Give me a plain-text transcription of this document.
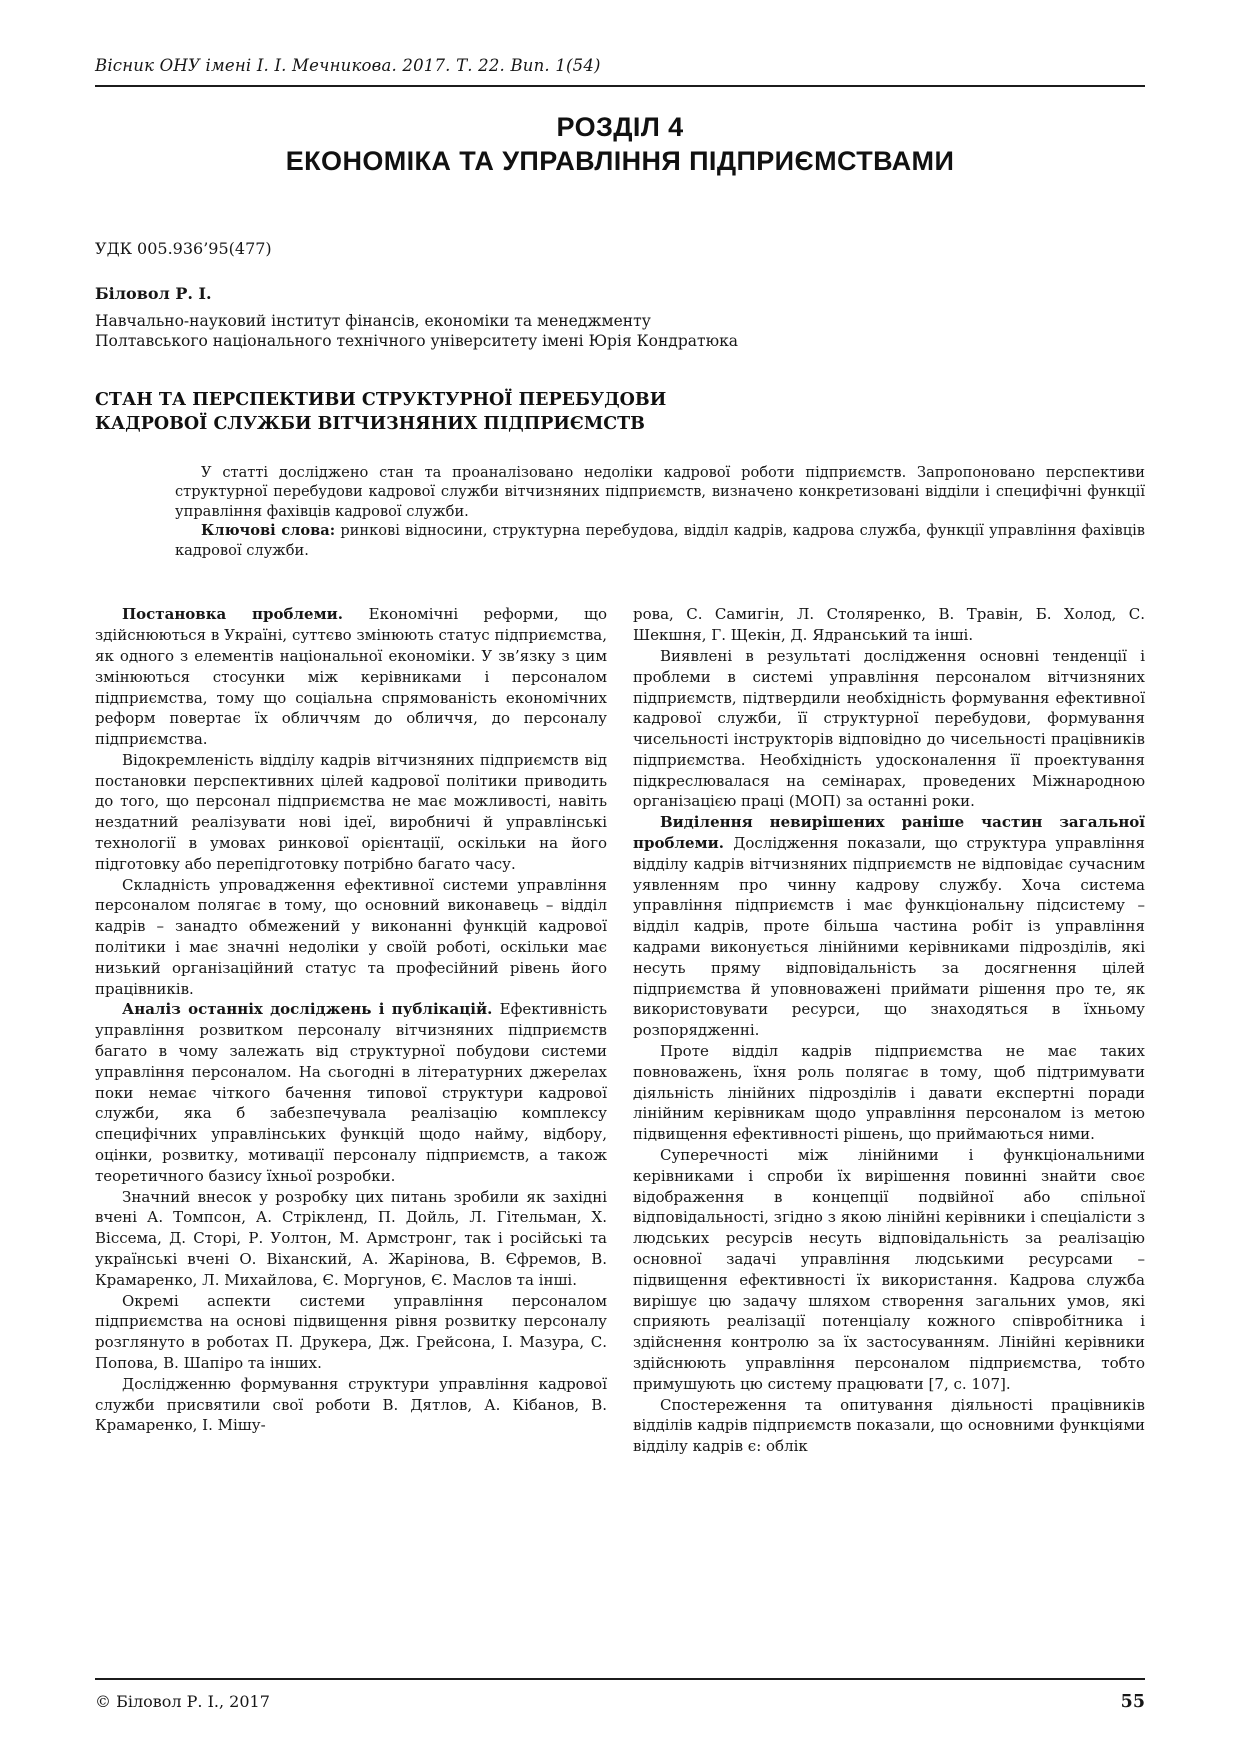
Вісник ОНУ імені І. І. Мечникова. 2017. Т. 22. Вип. 1(54)
РОЗДІЛ 4
ЕКОНОМІКА ТА УПРАВЛІННЯ ПІДПРИЄМСТВАМИ
УДК 005.936’95(477)
Біловол Р. І.
Навчально-науковий інститут фінансів, економіки та менеджменту
Полтавського національного технічного університету імені Юрія Кондратюка
СТАН ТА ПЕРСПЕКТИВИ СТРУКТУРНОЇ ПЕРЕБУДОВИ
КАДРОВОЇ СЛУЖБИ ВІТЧИЗНЯНИХ ПІДПРИЄМСТВ

У статті досліджено стан та проаналізовано недоліки кадрової роботи підприємств. Запропоновано перспективи структурної перебудови кадрової служби вітчизняних підприємств, визначено конкретизовані відділи і специфічні функції управління фахівців кадрової служби.

Ключові слова: ринкові відносини, структурна перебудова, відділ кадрів, кадрова служба, функції управління фахівців кадрової служби.

Постановка проблеми. Економічні реформи, що здійснюються в Україні, суттєво змінюють статус підприємства, як одного з елементів національної економіки. У зв’язку з цим змінюються стосунки між керівниками і персоналом підприємства, тому що соціальна спрямованість економічних реформ повертає їх обличчям до обличчя, до персоналу підприємства.

Відокремленість відділу кадрів вітчизняних підприємств від постановки перспективних цілей кадрової політики приводить до того, що персонал підприємства не має можливості, навіть нездатний реалізувати нові ідеї, виробничі й управлінські технології в умовах ринкової орієнтації, оскільки на його підготовку або перепідготовку потрібно багато часу.

Складність упровадження ефективної системи управління персоналом полягає в тому, що основний виконавець – відділ кадрів – занадто обмежений у виконанні функцій кадрової політики і має значні недоліки у своїй роботі, оскільки має низький організаційний статус та професійний рівень його працівників.

Аналіз останніх досліджень і публікацій. Ефективність управління розвитком персоналу вітчизняних підприємств багато в чому залежать від структурної побудови системи управління персоналом. На сьогодні в літературних джерелах поки немає чіткого бачення типової структури кадрової служби, яка б забезпечувала реалізацію комплексу специфічних управлінських функцій щодо найму, відбору, оцінки, розвитку, мотивації персоналу підприємств, а також теоретичного базису їхньої розробки.

Значний внесок у розробку цих питань зробили як західні вчені А. Томпсон, А. Стрікленд, П. Дойль, Л. Гітельман, Х. Віссема, Д. Сторі, Р. Уолтон, М. Армстронг, так і російські та українські вчені О. Віханский, А. Жарінова, В. Єфремов, В. Крамаренко, Л. Михайлова, Є. Моргунов, Є. Маслов та інші.

Окремі аспекти системи управління персоналом підприємства на основі підвищення рівня розвитку персоналу розглянуто в роботах П. Друкера, Дж. Грейсона, І. Мазура, С. Попова, В. Шапіро та інших.

Дослідженню формування структури управління кадрової служби присвятили свої роботи В. Дятлов, А. Кібанов, В. Крамаренко, І. Мішу-

рова, С. Самигін, Л. Столяренко, В. Травін, Б. Холод, С. Шекшня, Г. Щекін, Д. Ядранський та інші.

Виявлені в результаті дослідження основні тенденції і проблеми в системі управління персоналом вітчизняних підприємств, підтвердили необхідність формування ефективної кадрової служби, її структурної перебудови, формування чисельності інструкторів відповідно до чисельності працівників підприємства. Необхідність удосконалення її проектування підкреслювалася на семінарах, проведених Міжнародною організацією праці (МОП) за останні роки.

Виділення невирішених раніше частин загальної проблеми. Дослідження показали, що структура управління відділу кадрів вітчизняних підприємств не відповідає сучасним уявленням про чинну кадрову службу. Хоча система управління підприємств і має функціональну підсистему – відділ кадрів, проте більша частина робіт із управління кадрами виконується лінійними керівниками підрозділів, які несуть пряму відповідальність за досягнення цілей підприємства й уповноважені приймати рішення про те, як використовувати ресурси, що знаходяться в їхньому розпорядженні.

Проте відділ кадрів підприємства не має таких повноважень, їхня роль полягає в тому, щоб підтримувати діяльність лінійних підрозділів і давати експертні поради лінійним керівникам щодо управління персоналом із метою підвищення ефективності рішень, що приймаються ними.

Суперечності між лінійними і функціональними керівниками і спроби їх вирішення повинні знайти своє відображення в концепції подвійної або спільної відповідальності, згідно з якою лінійні керівники і спеціалісти з людських ресурсів несуть відповідальність за реалізацію основної задачі управління людськими ресурсами – підвищення ефективності їх використання. Кадрова служба вирішує цю задачу шляхом створення загальних умов, які сприяють реалізації потенціалу кожного співробітника і здійснення контролю за їх застосуванням. Лінійні керівники здійснюють управління персоналом підприємства, тобто примушують цю систему працювати [7, с. 107].

Спостереження та опитування діяльності працівників відділів кадрів підприємств показали, що основними функціями відділу кадрів є: облік

© Біловол Р. І., 2017	55
